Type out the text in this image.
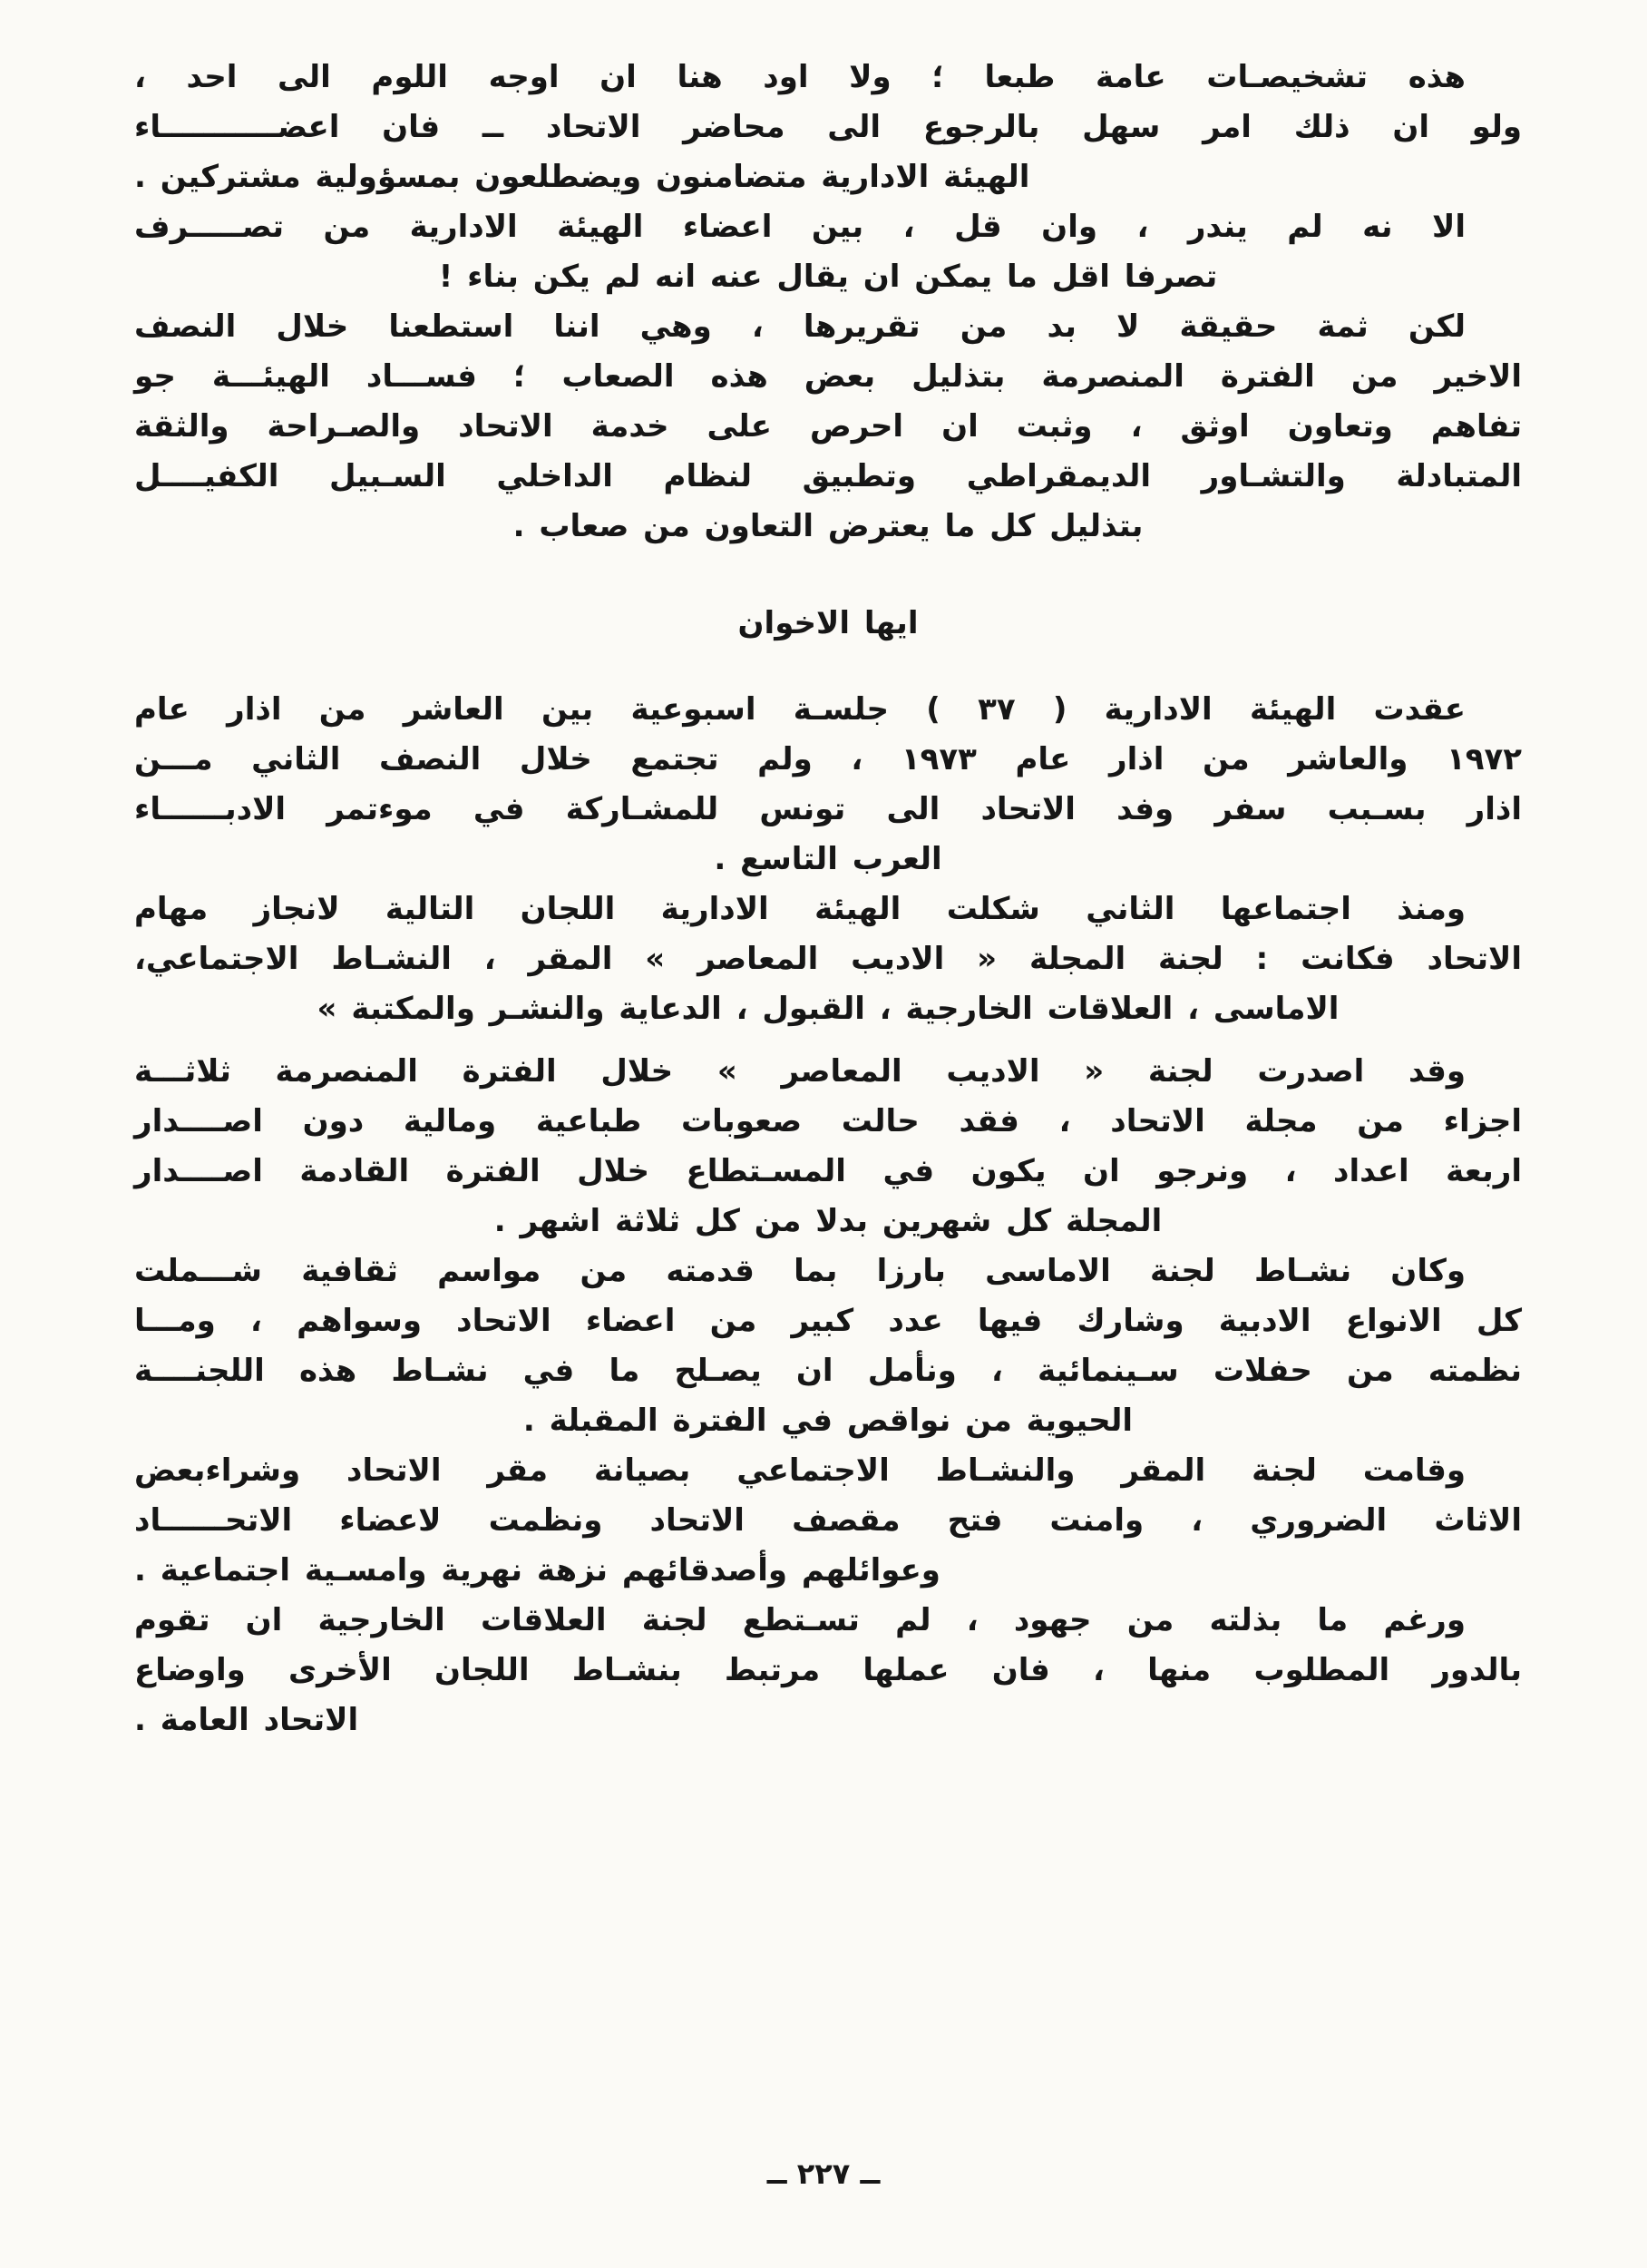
هذه تشخيصـات عامة طبعا ؛ ولا اود هنا ان اوجه اللوم الى احد ،
ولو ان ذلك امر سهل بالرجوع الى محاضر الاتحاد ــ فان اعضـــــــــــاء
الهيئة الادارية متضامنون ويضطلعون بمسؤولية مشتركين .
الا نه لم يندر ، وان قل ، بين اعضاء الهيئة الادارية من تصـــــرف
تصرفا اقل ما يمكن ان يقال عنه انه لم يكن بناء !
لكن ثمة حقيقة لا بد من تقريرها ، وهي اننا استطعنا خلال النصف
الاخير من الفترة المنصرمة بتذليل بعض هذه الصعاب ؛ فســـاد الهيئـــة جو
تفاهم وتعاون اوثق ، وثبت ان احرص على خدمة الاتحاد والصـراحة والثقة
المتبادلة والتشـاور الديمقراطي وتطبيق لنظام الداخلي السـبيل الكفيــــل
بتذليل كل ما يعترض التعاون من صعاب .
ايها الاخوان
عقدت الهيئة الادارية ( ٣٧ ) جلسـة اسبوعية بين العاشر من اذار عام
١٩٧٢ والعاشر من اذار عام ١٩٧٣ ، ولم تجتمع خلال النصف الثاني مـــن
اذار بسـبب سفر وفد الاتحاد الى تونس للمشـاركة في موءتمر الادبــــــاء
العرب التاسع .
ومنذ اجتماعها الثاني شكلت الهيئة الادارية اللجان التالية لانجاز مهام
الاتحاد فكانت : لجنة المجلة « الاديب المعاصر » المقر ، النشـاط الاجتماعي،
الاماسى ، العلاقات الخارجية ، القبول ، الدعاية والنشـر والمكتبة »
وقد اصدرت لجنة « الاديب المعاصر » خلال الفترة المنصرمة ثلاثـــة
اجزاء من مجلة الاتحاد ، فقد حالت صعوبات طباعية ومالية دون اصــــدار
اربعة اعداد ، ونرجو ان يكون في المسـتطاع خلال الفترة القادمة اصــــدار
المجلة كل شهرين بدلا من كل ثلاثة اشهر .
وكان نشـاط لجنة الاماسى بارزا بما قدمته من مواسم ثقافية شـــملت
كل الانواع الادبية وشارك فيها عدد كبير من اعضاء الاتحاد وسواهم ، ومـــا
نظمته من حفلات سـينمائية ، ونأمل ان يصـلح ما في نشـاط هذه اللجنــــة
الحيوية من نواقص في الفترة المقبلة .
وقامت لجنة المقر والنشـاط الاجتماعي بصيانة مقر الاتحاد وشراءبعض
الاثاث الضروري ، وامنت فتح مقصف الاتحاد ونظمت لاعضاء الاتحــــــاد
وعوائلهم وأصدقائهم نزهة نهرية وامسـية اجتماعية .
ورغم ما بذلته من جهود ، لم تسـتطع لجنة العلاقات الخارجية ان تقوم
بالدور المطلوب منها ، فان عملها مرتبط بنشـاط اللجان الأخرى واوضاع
الاتحاد العامة .
ــ ٢٢٧ ــ
